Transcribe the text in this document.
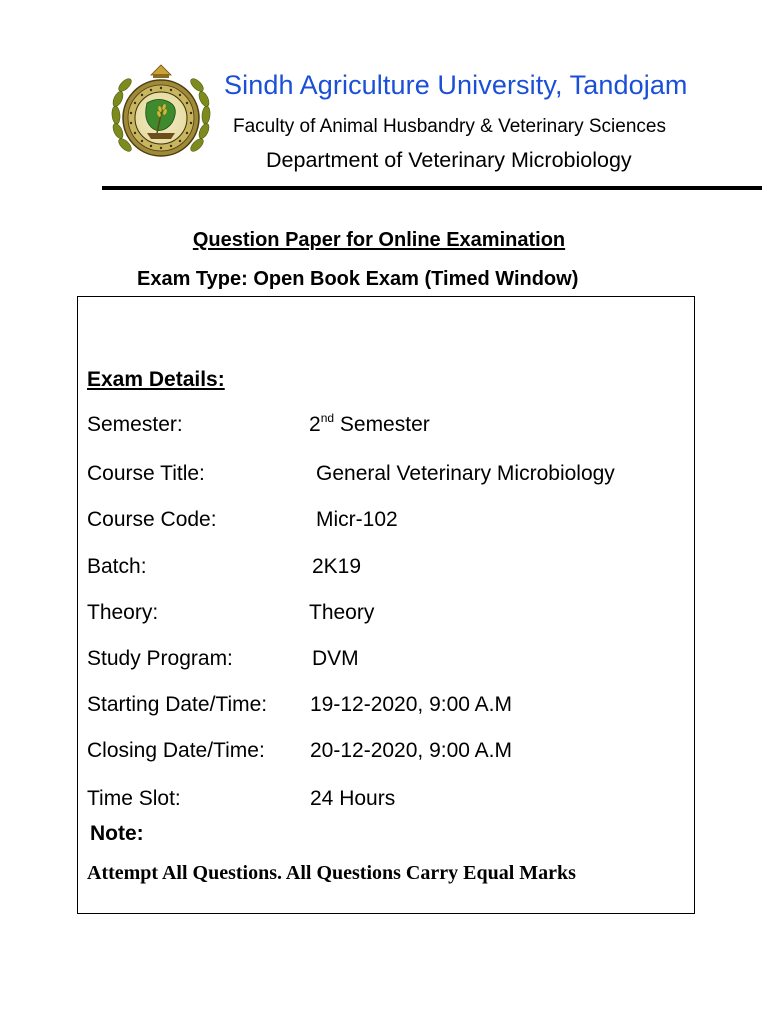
Sindh Agriculture University, Tandojam
Faculty of Animal Husbandry & Veterinary Sciences
Department of Veterinary Microbiology
Question Paper for Online Examination
Exam Type: Open Book Exam (Timed Window)
Exam Details:
Semester:	2nd Semester
Course Title:	General Veterinary Microbiology
Course Code:	Micr-102
Batch:	2K19
Theory:	Theory
Study Program:	DVM
Starting Date/Time: 19-12-2020, 9:00 A.M
Closing Date/Time: 20-12-2020, 9:00 A.M
Time Slot:	24 Hours
Note:
Attempt All Questions. All Questions Carry Equal Marks
